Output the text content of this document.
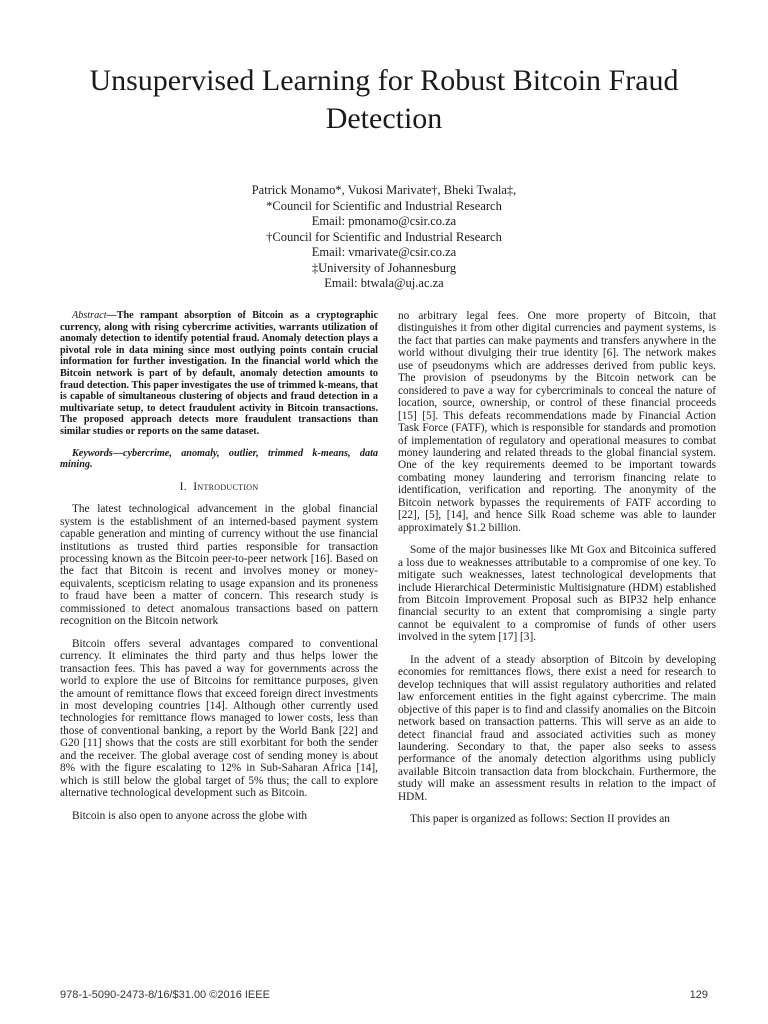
Unsupervised Learning for Robust Bitcoin Fraud Detection
Patrick Monamo*, Vukosi Marivate†, Bheki Twala‡,
*Council for Scientific and Industrial Research
Email: pmonamo@csir.co.za
†Council for Scientific and Industrial Research
Email: vmarivate@csir.co.za
‡University of Johannesburg
Email: btwala@uj.ac.za

Abstract—The rampant absorption of Bitcoin as a cryptographic currency, along with rising cybercrime activities, warrants utilization of anomaly detection to identify potential fraud. Anomaly detection plays a pivotal role in data mining since most outlying points contain crucial information for further investigation. In the financial world which the Bitcoin network is part of by default, anomaly detection amounts to fraud detection. This paper investigates the use of trimmed k-means, that is capable of simultaneous clustering of objects and fraud detection in a multivariate setup, to detect fraudulent activity in Bitcoin transactions. The proposed approach detects more fraudulent transactions than similar studies or reports on the same dataset.

Keywords—cybercrime, anomaly, outlier, trimmed k-means, data mining.

I. Introduction

The latest technological advancement in the global financial system is the establishment of an interned-based payment system capable generation and minting of currency without the use financial institutions as trusted third parties responsible for transaction processing known as the Bitcoin peer-to-peer network [16]. Based on the fact that Bitcoin is recent and involves money or money-equivalents, scepticism relating to usage expansion and its proneness to fraud have been a matter of concern. This research study is commissioned to detect anomalous transactions based on pattern recognition on the Bitcoin network

Bitcoin offers several advantages compared to conventional currency. It eliminates the third party and thus helps lower the transaction fees. This has paved a way for governments across the world to explore the use of Bitcoins for remittance purposes, given the amount of remittance flows that exceed foreign direct investments in most developing countries [14]. Although other currently used technologies for remittance flows managed to lower costs, less than those of conventional banking, a report by the World Bank [22] and G20 [11] shows that the costs are still exorbitant for both the sender and the receiver. The global average cost of sending money is about 8% with the figure escalating to 12% in Sub-Saharan Africa [14], which is still below the global target of 5% thus; the call to explore alternative technological development such as Bitcoin.

Bitcoin is also open to anyone across the globe with

no arbitrary legal fees. One more property of Bitcoin, that distinguishes it from other digital currencies and payment systems, is the fact that parties can make payments and transfers anywhere in the world without divulging their true identity [6]. The network makes use of pseudonyms which are addresses derived from public keys. The provision of pseudonyms by the Bitcoin network can be considered to pave a way for cybercriminals to conceal the nature of location, source, ownership, or control of these financial proceeds [15] [5]. This defeats recommendations made by Financial Action Task Force (FATF), which is responsible for standards and promotion of implementation of regulatory and operational measures to combat money laundering and related threads to the global financial system. One of the key requirements deemed to be important towards combating money laundering and terrorism financing relate to identification, verification and reporting. The anonymity of the Bitcoin network bypasses the requirements of FATF according to [22], [5], [14], and hence Silk Road scheme was able to launder approximately $1.2 billion.

Some of the major businesses like Mt Gox and Bitcoinica suffered a loss due to weaknesses attributable to a compromise of one key. To mitigate such weaknesses, latest technological developments that include Hierarchical Deterministic Multisignature (HDM) established from Bitcoin Improvement Proposal such as BIP32 help enhance financial security to an extent that compromising a single party cannot be equivalent to a compromise of funds of other users involved in the sytem [17] [3].

In the advent of a steady absorption of Bitcoin by developing economies for remittances flows, there exist a need for research to develop techniques that will assist regulatory authorities and related law enforcement entities in the fight against cybercrime. The main objective of this paper is to find and classify anomalies on the Bitcoin network based on transaction patterns. This will serve as an aide to detect financial fraud and associated activities such as money laundering. Secondary to that, the paper also seeks to assess performance of the anomaly detection algorithms using publicly available Bitcoin transaction data from blockchain. Furthermore, the study will make an assessment results in relation to the impact of HDM.

This paper is organized as follows: Section II provides an

978-1-5090-2473-8/16/$31.00 ©2016 IEEE	129
